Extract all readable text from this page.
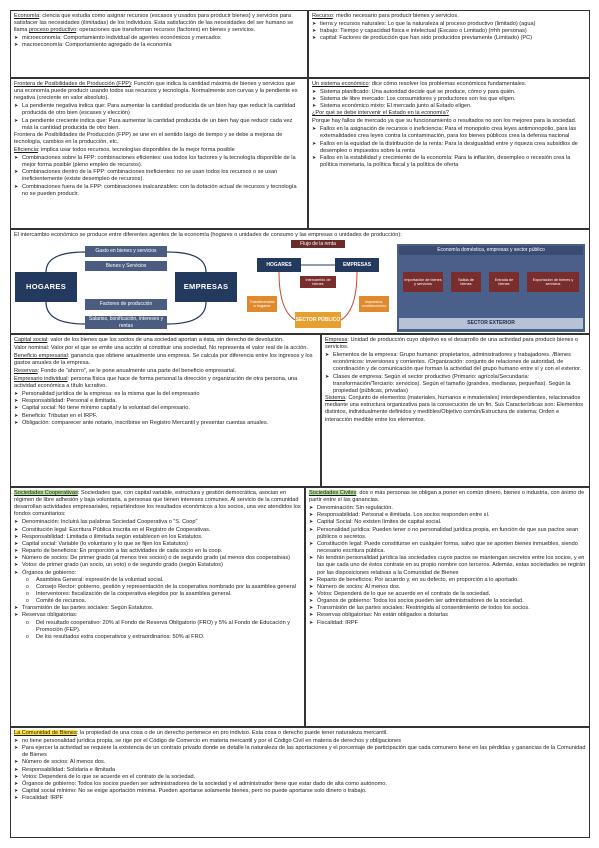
Economía: ciencia que estudia como asignar recursos (escasos y usados para producir bienes) y servicios para satisfacer las necesidades (ilimitadas) de los individuos. Esta satisfacción de las necesidades del ser humano se llama proceso productivo: operaciones que transforman recursos (factores) en bienes y servicios.

➤ microeconomía: Comportamiento individual de agentes económicos y mercados
➤ macroeconomía: Comportamiento agregado de la economía

Recurso: medio necesario para producir bienes y servicios.

➤ tierra y recursos naturales: Lo que la naturaleza al proceso productivo (limitado) (agua)
➤ trabajo: Tiempo y capacidad física e intelectual (Escaso o Limitado) (rrhh personas)
➤ capital: Factores de producción que han sido producidos previamente (Limitado) (PC)

Frontera de Posibilidades de Producción (FPP): Función que indica la cantidad máxima de bienes y servicios que una economía puede producir usando todos sus recursos y tecnología. Normalmente son curvas y la pendiente es negativa (creciente en valor absoluto).

➤ La pendiente negativa indica que: Para aumentar la cantidad producida de un bien hay que reducir la cantidad producida de otro bien (escases y elección)
➤ La pendiente creciente indica que: Para aumentar la cantidad producida de un bien hay que reducir cada vez más la cantidad producida de otro bien.

Frontera de Posibilidades de Producción (FPP) se une en el sentido largo de tiempo y se debe a mejoras de tecnología, cambios en la producción, etc.

Eficiencia: implica usar todos recursos, tecnologías disponibles de la mejor forma posible

➤ Combinaciones sobre la FPP: combinaciones eficientes: usa todos los factores y la tecnología disponible de la mejor forma posible (pleno empleo de recursos).
➤ Combinaciones dentro de la FPP: combinaciones ineficientes: no se usan todos los recursos o se usan ineficientemente (existe desempleo de recursos).
➤ Combinaciones fuera de la FPP: combinaciones inalcanzables: con la dotación actual de recursos y tecnología no se pueden producir.

Un sistema económico: dice cómo resolver los problemas económicos fundamentales.

➤ Sistema planificado: Una autoridad decide qué se produce, cómo y para quién.
➤ Sistema de libre mercado: Los consumidores y productores son los que eligen.
➤ Sistema económico mixto: El mercado junto al Estado eligen.

¿Por qué se debe intervenir el Estado en la economía?

Porque hay fallos de mercado ya que su funcionamiento o resultados no son los mejores para la sociedad.

➤ Fallos en la asignación de recursos o ineficiencia: Para el monopolio crea leyes antimonopolio, para las externalidades crea leyes contra la contaminación, para los bienes públicos crea la defensa nacional
➤ Fallos en la equidad de la distribución de la renta: Para la desigualdad entre y riqueza crea subsidios de desempleo o impuestos sobre la renta
➤ Fallos en la estabilidad y crecimiento de la economía: Para la inflación, desempleo o recesión crea la política monetaria, la política fiscal y la política de oferta
El intercambio económico se produce entre diferentes agentes de la economía (hogares o unidades de consumo y las empresas o unidades de producción):
HOGARES	EMPRESAS
Gasto en bienes y servicios
Bienes y Servicios
Factores de producción
Salarios, bonificación, intereses y rentas
Flujo de la renta
HOGARES	EMPRESAS
Intercambio de bienes
Transferencias a hogares
Impuestos, contribuciones
SECTOR PÚBLICO
Economía doméstica, empresas y sector público
Importación de bienes y servicios
Salida de bienes
Entrada de bienes
Exportación de bienes y servicios
SECTOR EXTERIOR

Capital social: valor de los bienes que los socios de una sociedad aportan a ésta, sin derecho de devolución.

Valor nominal: Valor por el que se emite una acción al constituir una sociedad. No representa el valor real de la acción.

Beneficio empresarial: ganancia que obtiene anualmente una empresa. Se calcula por diferencia entre los ingresos y los gastos anuales de la empresa.

Reservas: Fondo de “ahorro”, se le pone anualmente una parte del beneficio empresarial.

Empresario individual: persona física que hace de forma personal la dirección y organización de otra persona, una actividad económica a título lucrativo.

➤ Personalidad jurídica de la empresa: es la misma que la del empresario
➤ Responsabilidad: Personal e ilimitada.
➤ Capital social: No tiene mínimo capital y la voluntad del empresario.
➤ Beneficio: Tributan en el IRPF.
➤ Obligación: comparecer ante notario, inscribirse en Registro Mercantil y presentar cuentas anuales.

Empresa: Unidad de producción cuyo objetivo es el desarrollo de una actividad para producir bienes o servicios.

➤ Elementos de la empresa: Grupo humano: propietarios, administradores y trabajadores. /Bienes económicos: inversiones y corrientes. /Organización: conjunto de relaciones de autoridad, de coordinación y de comunicación que forman la actividad del grupo humano entre sí y con el exterior.
➤ Clases de empresa: Según el sector productivo (Primario: agrícola/Secundaria: transformación/Terciario: servicios). Según el tamaño (grandes, medianas, pequeñas). Según la propiedad (públicas, privadas)

Sistema: Conjunto de elementos (materiales, humanos e inmateriales) interdependientes, relacionados mediante una estructura organizativa para la consecución de un fin. Sus Características son: Elementos distintos, individualmente definidos y medibles/Objetivo común/Estructura de sistema: Orden e interacción medible entre los elementos.

Sociedades Cooperativas: Sociedades que, con capital variable, estructura y gestión democrática, asocian en régimen de libre adhesión y baja voluntaria, a personas que tienen intereses comunes. Al servicio de la comunidad desarrollan actividades empresariales, repartiéndose los resultados económicos a los socios, una vez atendidos los fondos comunitarios:

➤ Denominación: Incluirá las palabras Sociedad Cooperativa o “S. Coop”
➤ Constitución legal: Escritura Pública inscrita en el Registro de Cooperativas.
➤ Responsabilidad: Limitada o ilimitada según establecen en los Estatutos.
➤ Capital social: Variable (lo voluntario y lo que se fijen los Estatutos)
➤ Reparto de beneficios: En proporción a las actividades de cada socio en la coop.
➤ Número de socios: De primer grado (al menos tres socios) o de segundo grado (al menos dos cooperativas)
➤ Votos: de primer grado (un socio, un voto) o de segundo grado (según Estatutos)
➤ Órganos de gobierno:
o Asamblea General: expresión de la voluntad social.
o Consejo Rector: gobierno, gestión y representación de la cooperativa nombrado por la asamblea general
o Interventores: fiscalización de la cooperativa elegidos por la asamblea general.
o Comité de recursos.
➤ Transmisión de las partes sociales: Según Estatutos.
➤ Reservas obligatorias:
o Del resultado cooperativo: 20% al Fondo de Reserva Obligatorio (FRO) y 5% al Fondo de Educación y Promoción (FEP).
o De los resultados extra cooperativos y extraordinarios: 50% al FRO.

Sociedades Civiles: dos o más personas se obligan a poner en común dinero, bienes o industria, con ánimo de partir entre sí las ganancias.

➤ Denominación: Sin regulación.
➤ Responsabilidad: Personal e ilimitada. Los socios responden entre sí.
➤ Capital Social: No existen límites de capital social.
➤ Personalidad jurídica: Pueden tener o no personalidad jurídica propia, en función de que sus pactos sean públicos o secretos.
➤ Constitución legal: Puede constituirse en cualquier forma, salvo que se aporten bienes inmuebles, siendo necesario escritura pública.
➤ No tendrán personalidad jurídica las sociedades cuyos pactos se mantengan secretos entre los socios, y en las que cada uno de éstos contrate en su propio nombre con terceros. Además, estas sociedades se regirán por las disposiciones relativas a la Comunidad de Bienes
➤ Reparto de beneficios: Por acuerdo y, en su defecto, en proporción a lo aportado.
➤ Número de socios: Al menos dos.
➤ Votos: Dependerá de lo que se acuerde en el contrato de la sociedad.
➤ Órganos de gobierno: Todos los socios pueden ser administradores de la sociedad.
➤ Transmisión de las partes sociales: Restringida al consentimiento de todos los socios.
➤ Reservas obligatorias: No están obligados a dotarlas
➤ Fiscalidad: IRPF

La Comunidad de Bienes: la propiedad de una cosa o de un derecho pertenece en pro indiviso. Esta cosa o derecho puede tener naturaleza mercantil.

➤ no tiene personalidad jurídica propia, se rige por el Código de Comercio en materia mercantil y por el Código Civil en materia de derechos y obligaciones
➤ Para ejercer la actividad se requiere la existencia de un contrato privado donde se detalle la naturaleza de las aportaciones y el porcentaje de participación que cada comunero tiene en las pérdidas y ganancias de la Comunidad de Bienes
➤ Número de socios: Al menos dos.
➤ Responsabilidad: Solidaria e ilimitada
➤ Votos: Dependerá de lo que se acuerde en el contrato de la sociedad.
➤ Órganos de gobierno: Todos los socios pueden ser administradores de la sociedad y el administrador tiene que estar dado de alta como autónomo.
➤ Capital social mínimo: No se exige aportación mínima. Pueden aportarse solamente bienes, pero no puede aportarse solo dinero o trabajo.
➤ Fiscalidad: IRPF
